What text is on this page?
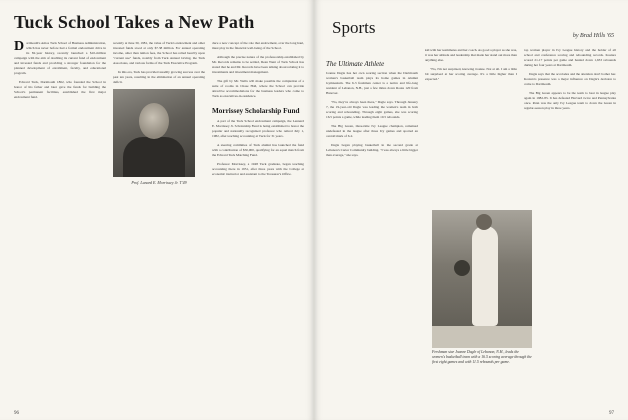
Tuck School Takes a New Path

Dartmouth's Amos Tuck School of Business Administration, which has never before had a formal endowment drive in its 82-year history, recently launched a $10-million campaign with the aim of doubling its current fund of endowment and invested funds and providing a stronger foundation for the planned development of enrollment, faculty, and educational program.

Edward Tuck, Dartmouth 1862, who founded the School in honor of his father and later gave the funds for building the School's permanent facilities, established the first major endowment fund.

recently at June 30, 1981, the value of Tuck's endowment and other invested funds stood at only $7.38 million. For annual operating income, other than tuition fees, the School has relied heavily upon "current use" funds, notably from Tuck Annual Giving, the Tuck Associates, and various forms of the Tuck Executive Program.

In this era, Tuck has provided steadily growing success over the past ten years, resulting in the elimination of an annual operating deficit.

Prof. Lunard E. Morrissey Jr. T'49

duce a new concept of the role that endowment, over the long haul, must play in the financial well-being of the School.

Although the precise nature of the professorship established by Mr. Records remains to be settled, Dean Went of Tuck School has stated that he and Mr. Records have been talking about relating it to investments and investment management.

The gift by Mr. Wells will make possible the completion of a suite of rooms in Chase Hall, where the School can provide attractive accommodations for the business leaders who come to Tuck as executives-in-residence.

Morrissey Scholarship Fund

A part of the Tuck School endowment campaign, the Lennard E. Morrissey Jr. Scholarship Fund is being established to honor the popular and nationally recognized professor who retired July 1, 1982, after teaching accounting at Tuck for 31 years.

A steering committee of Tuck alumni has launched the fund with a contribution of $50,000, qualifying for an equal match from the Edward Tuck Matching Fund.

Professor Morrissey, a 1948 Tuck graduate, began teaching accounting there in 1951, after three years with the College at economic instructor and assistant to the Treasurer's Office.

96
Sports	by Brad Hills '65
The Ultimate Athlete

Joanne Dagle has her own soaring section when the Dartmouth women's basketball team plays its home games in Alumni Gymnasium. The 6-3 freshman center is a native and life-long resident of Lebanon, N.H., just a few miles down Route 120 from Hanover.

"No, they've always been there," Dagle says. Through January 7, the 19-year-old Dagle was leading the women's team in both scoring and rebounding. Through eight games, she was scoring 16.5 points a game, while leading them 10.5 rebounds.

The Big Green, three-time Ivy League champion, remained undefeated in the league after three Ivy games and sported an overall mark of 6-2.

Dagle began playing basketball in the second grade at Lebanon's Carter Community building. "I was always a little bigger than average," she says.

kid with her teammates and her coach. As good a player as she was, it was her attitude and leadership that made her stand out more than anything else.

"No, I'm not surprised, knowing Joanne. Not at all. I am a little bit surprised at her scoring average. It's a little higher than I expected."

top women player in Ivy League history and the holder of all school and conference scoring and rebounding records. Kosiara scored 21-17 points per game and hauled down 1,633 rebounds during her four years at Dartmouth.

Dagle says that the accolades and the attention don't bother her. Kosiara's presence was a major influence on Dagle's decision to come to Dartmouth.

The Big Green appears to be the team to beat in league play again in 1982-83. It has defeated Harvard twice and Pennsylvania once. Penn was the only Ivy League team to down the Green in regular-season play in three years.

Freshman star Joanne Dagle of Lebanon, N.H., leads the women's basketball team with a 16.5 scoring average through the first eight games and with 11.5 rebounds per game.
97
